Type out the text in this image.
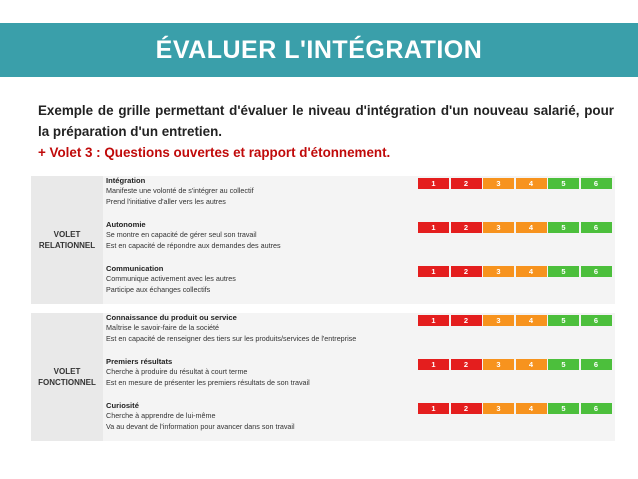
ÉVALUER L'INTÉGRATION
Exemple de grille permettant d'évaluer le niveau d'intégration d'un nouveau salarié, pour la préparation d'un entretien.
+ Volet 3 : Questions ouvertes et rapport d'étonnement.
VOLET
RELATIONNEL
Intégration
Manifeste une volonté de s'intégrer au collectif
Prend l'initiative d'aller vers les autres
1	2	3	4	5	6
Autonomie
Se montre en capacité de gérer seul son travail
Est en capacité de répondre aux demandes des autres
1	2	3	4	5	6
Communication
Communique activement avec les autres
Participe aux échanges collectifs
1	2	3	4	5	6
VOLET
FONCTIONNEL
Connaissance du produit ou service
Maîtrise le savoir-faire de la société
Est en capacité de renseigner des tiers sur les produits/services de l'entreprise
1	2	3	4	5	6
Premiers résultats
Cherche à produire du résultat à court terme
Est en mesure de présenter les premiers résultats de son travail
1	2	3	4	5	6
Curiosité
Cherche à apprendre de lui-même
Va au devant de l'information pour avancer dans son travail
1	2	3	4	5	6
